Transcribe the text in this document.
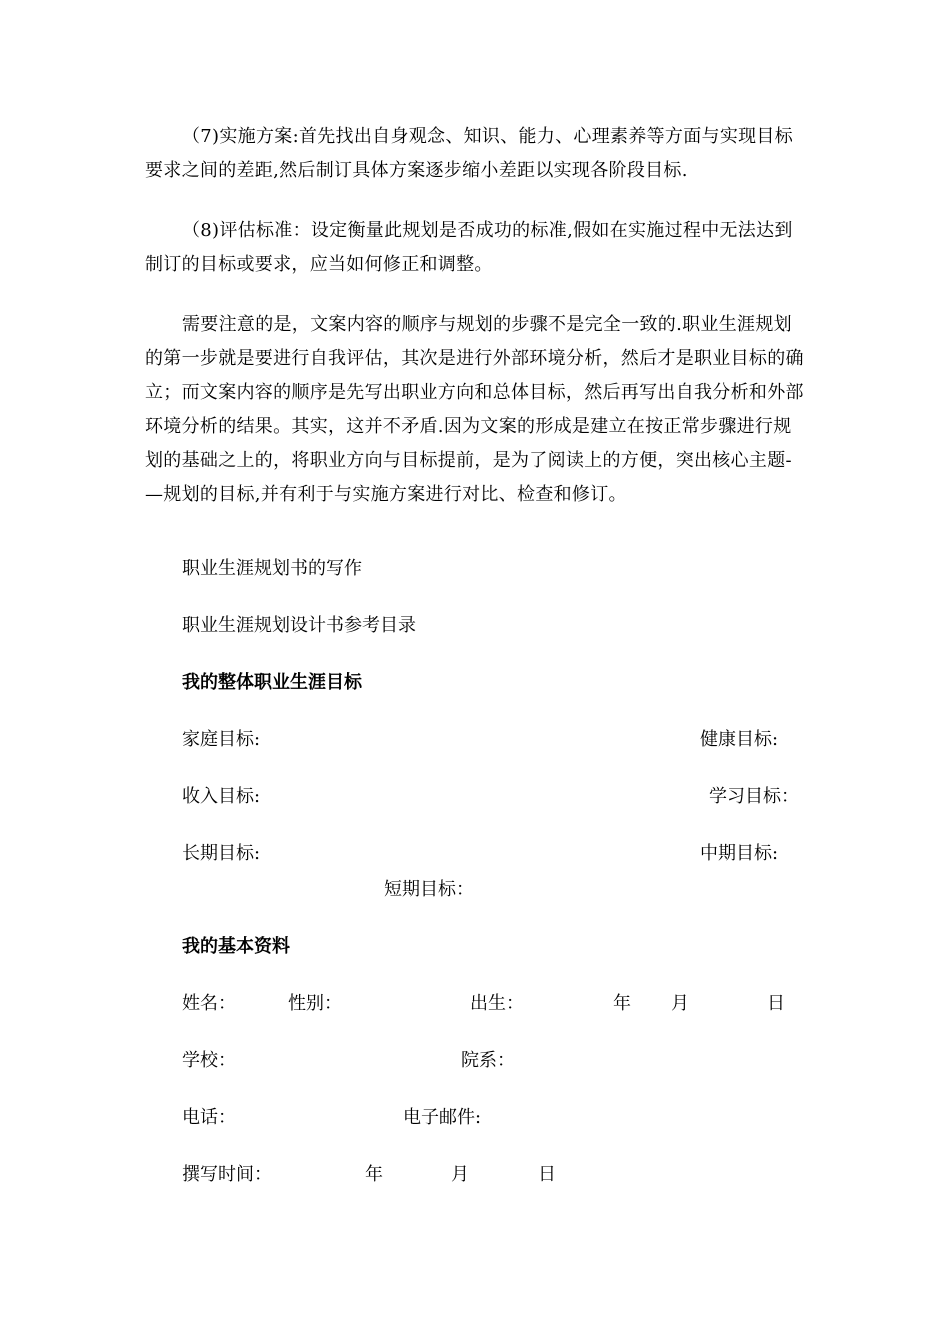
（7)实施方案:首先找出自身观念、知识、能力、心理素养等方面与实现目标要求之间的差距,然后制订具体方案逐步缩小差距以实现各阶段目标.

（8)评估标准：设定衡量此规划是否成功的标准,假如在实施过程中无法达到制订的目标或要求，应当如何修正和调整。

需要注意的是，文案内容的顺序与规划的步骤不是完全一致的.职业生涯规划的第一步就是要进行自我评估，其次是进行外部环境分析，然后才是职业目标的确立；而文案内容的顺序是先写出职业方向和总体目标，然后再写出自我分析和外部环境分析的结果。其实，这并不矛盾.因为文案的形成是建立在按正常步骤进行规划的基础之上的，将职业方向与目标提前，是为了阅读上的方便，突出核心主题-—规划的目标,并有利于与实施方案进行对比、检查和修订。

职业生涯规划书的写作

职业生涯规划设计书参考目录

我的整体职业生涯目标

家庭目标:	健康目标:

收入目标:	学习目标：

长期目标:	中期目标:

短期目标：

我的基本资料

姓名：	性别：	出生：	年 月	日

学校：	院系：

电话：	电子邮件:

撰写时间：	年	月	日
